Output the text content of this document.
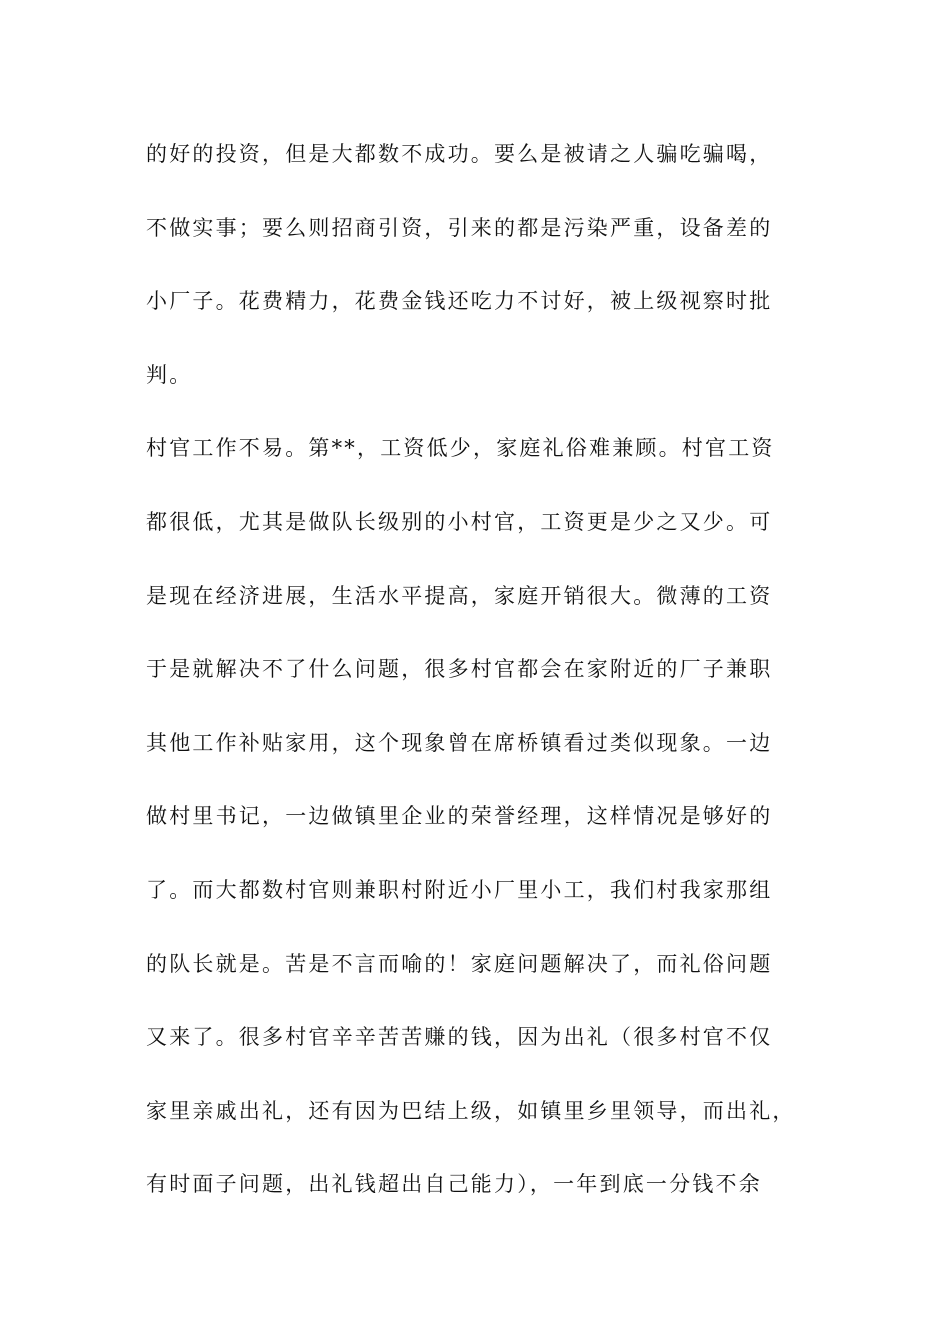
的好的投资，但是大都数不成功。要么是被请之人骗吃骗喝，
不做实事；要么则招商引资，引来的都是污染严重，设备差的
小厂子。花费精力，花费金钱还吃力不讨好，被上级视察时批
判。
村官工作不易。第**，工资低少，家庭礼俗难兼顾。村官工资
都很低，尤其是做队长级别的小村官，工资更是少之又少。可
是现在经济进展，生活水平提高，家庭开销很大。微薄的工资
于是就解决不了什么问题，很多村官都会在家附近的厂子兼职
其他工作补贴家用，这个现象曾在席桥镇看过类似现象。一边
做村里书记，一边做镇里企业的荣誉经理，这样情况是够好的
了。而大都数村官则兼职村附近小厂里小工，我们村我家那组
的队长就是。苦是不言而喻的！家庭问题解决了，而礼俗问题
又来了。很多村官辛辛苦苦赚的钱，因为出礼（很多村官不仅
家里亲戚出礼，还有因为巴结上级，如镇里乡里领导，而出礼，
有时面子问题，出礼钱超出自己能力），一年到底一分钱不余
